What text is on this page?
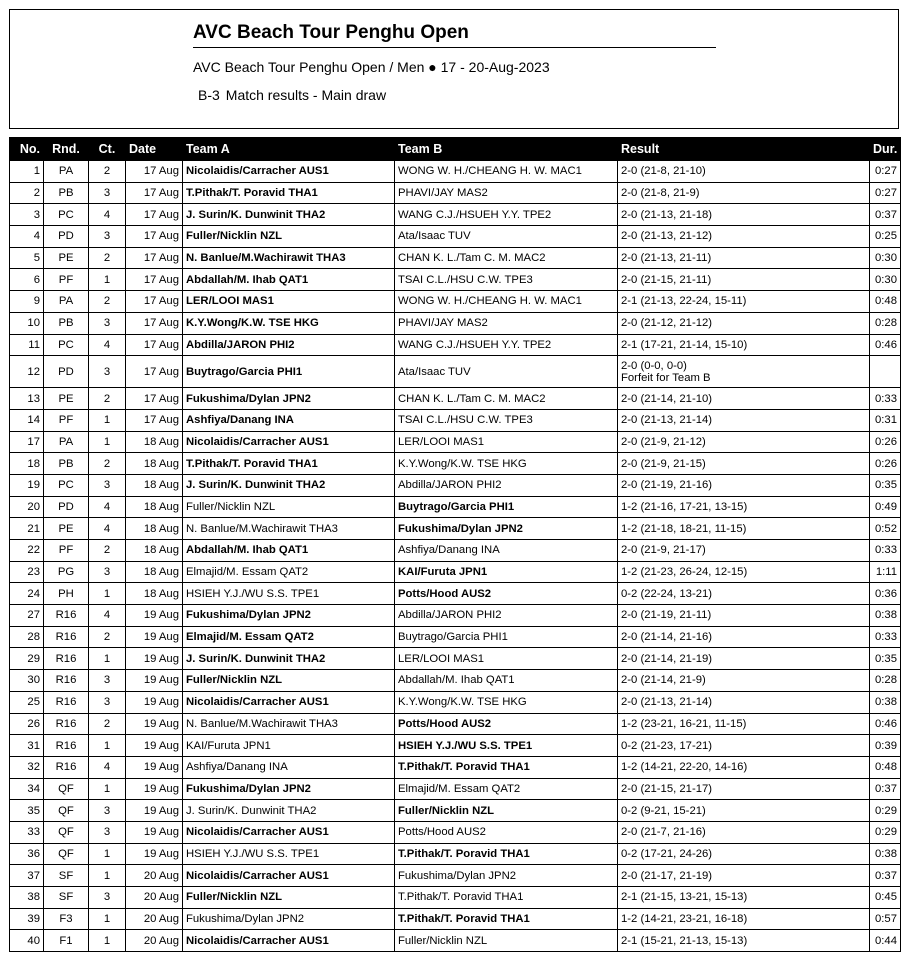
AVC Beach Tour Penghu Open
AVC Beach Tour Penghu Open / Men ● 17 - 20-Aug-2023
B-3 Match results - Main draw
No.	Rnd.	Ct.	Date	Team A	Team B	Result	Dur.
1	PA	2	17 Aug	Nicolaidis/Carracher AUS1	WONG W. H./CHEANG H. W. MAC1	2-0 (21-8, 21-10)	0:27
2	PB	3	17 Aug	T.Pithak/T. Poravid THA1	PHAVI/JAY MAS2	2-0 (21-8, 21-9)	0:27
3	PC	4	17 Aug	J. Surin/K. Dunwinit THA2	WANG C.J./HSUEH Y.Y. TPE2	2-0 (21-13, 21-18)	0:37
4	PD	3	17 Aug	Fuller/Nicklin NZL	Ata/Isaac TUV	2-0 (21-13, 21-12)	0:25
5	PE	2	17 Aug	N. Banlue/M.Wachirawit THA3	CHAN K. L./Tam C. M. MAC2	2-0 (21-13, 21-11)	0:30
6	PF	1	17 Aug	Abdallah/M. Ihab QAT1	TSAI C.L./HSU C.W. TPE3	2-0 (21-15, 21-11)	0:30
9	PA	2	17 Aug	LER/LOOI MAS1	WONG W. H./CHEANG H. W. MAC1	2-1 (21-13, 22-24, 15-11)	0:48
10	PB	3	17 Aug	K.Y.Wong/K.W. TSE HKG	PHAVI/JAY MAS2	2-0 (21-12, 21-12)	0:28
11	PC	4	17 Aug	Abdilla/JARON PHI2	WANG C.J./HSUEH Y.Y. TPE2	2-1 (17-21, 21-14, 15-10)	0:46
12	PD	3	17 Aug	Buytrago/Garcia PHI1	Ata/Isaac TUV	2-0 (0-0, 0-0)
Forfeit for Team B	

13	PE	2	17 Aug	Fukushima/Dylan JPN2	CHAN K. L./Tam C. M. MAC2	2-0 (21-14, 21-10)	0:33
14	PF	1	17 Aug	Ashfiya/Danang INA	TSAI C.L./HSU C.W. TPE3	2-0 (21-13, 21-14)	0:31
17	PA	1	18 Aug	Nicolaidis/Carracher AUS1	LER/LOOI MAS1	2-0 (21-9, 21-12)	0:26
18	PB	2	18 Aug	T.Pithak/T. Poravid THA1	K.Y.Wong/K.W. TSE HKG	2-0 (21-9, 21-15)	0:26
19	PC	3	18 Aug	J. Surin/K. Dunwinit THA2	Abdilla/JARON PHI2	2-0 (21-19, 21-16)	0:35
20	PD	4	18 Aug	Fuller/Nicklin NZL	Buytrago/Garcia PHI1	1-2 (21-16, 17-21, 13-15)	0:49
21	PE	4	18 Aug	N. Banlue/M.Wachirawit THA3	Fukushima/Dylan JPN2	1-2 (21-18, 18-21, 11-15)	0:52
22	PF	2	18 Aug	Abdallah/M. Ihab QAT1	Ashfiya/Danang INA	2-0 (21-9, 21-17)	0:33
23	PG	3	18 Aug	Elmajid/M. Essam QAT2	KAI/Furuta JPN1	1-2 (21-23, 26-24, 12-15)	1:11
24	PH	1	18 Aug	HSIEH Y.J./WU S.S. TPE1	Potts/Hood AUS2	0-2 (22-24, 13-21)	0:36
27	R16	4	19 Aug	Fukushima/Dylan JPN2	Abdilla/JARON PHI2	2-0 (21-19, 21-11)	0:38
28	R16	2	19 Aug	Elmajid/M. Essam QAT2	Buytrago/Garcia PHI1	2-0 (21-14, 21-16)	0:33
29	R16	1	19 Aug	J. Surin/K. Dunwinit THA2	LER/LOOI MAS1	2-0 (21-14, 21-19)	0:35
30	R16	3	19 Aug	Fuller/Nicklin NZL	Abdallah/M. Ihab QAT1	2-0 (21-14, 21-9)	0:28
25	R16	3	19 Aug	Nicolaidis/Carracher AUS1	K.Y.Wong/K.W. TSE HKG	2-0 (21-13, 21-14)	0:38
26	R16	2	19 Aug	N. Banlue/M.Wachirawit THA3	Potts/Hood AUS2	1-2 (23-21, 16-21, 11-15)	0:46
31	R16	1	19 Aug	KAI/Furuta JPN1	HSIEH Y.J./WU S.S. TPE1	0-2 (21-23, 17-21)	0:39
32	R16	4	19 Aug	Ashfiya/Danang INA	T.Pithak/T. Poravid THA1	1-2 (14-21, 22-20, 14-16)	0:48
34	QF	1	19 Aug	Fukushima/Dylan JPN2	Elmajid/M. Essam QAT2	2-0 (21-15, 21-17)	0:37
35	QF	3	19 Aug	J. Surin/K. Dunwinit THA2	Fuller/Nicklin NZL	0-2 (9-21, 15-21)	0:29
33	QF	3	19 Aug	Nicolaidis/Carracher AUS1	Potts/Hood AUS2	2-0 (21-7, 21-16)	0:29
36	QF	1	19 Aug	HSIEH Y.J./WU S.S. TPE1	T.Pithak/T. Poravid THA1	0-2 (17-21, 24-26)	0:38
37	SF	1	20 Aug	Nicolaidis/Carracher AUS1	Fukushima/Dylan JPN2	2-0 (21-17, 21-19)	0:37
38	SF	3	20 Aug	Fuller/Nicklin NZL	T.Pithak/T. Poravid THA1	2-1 (21-15, 13-21, 15-13)	0:45
39	F3	1	20 Aug	Fukushima/Dylan JPN2	T.Pithak/T. Poravid THA1	1-2 (14-21, 23-21, 16-18)	0:57
40	F1	1	20 Aug	Nicolaidis/Carracher AUS1	Fuller/Nicklin NZL	2-1 (15-21, 21-13, 15-13)	0:44
